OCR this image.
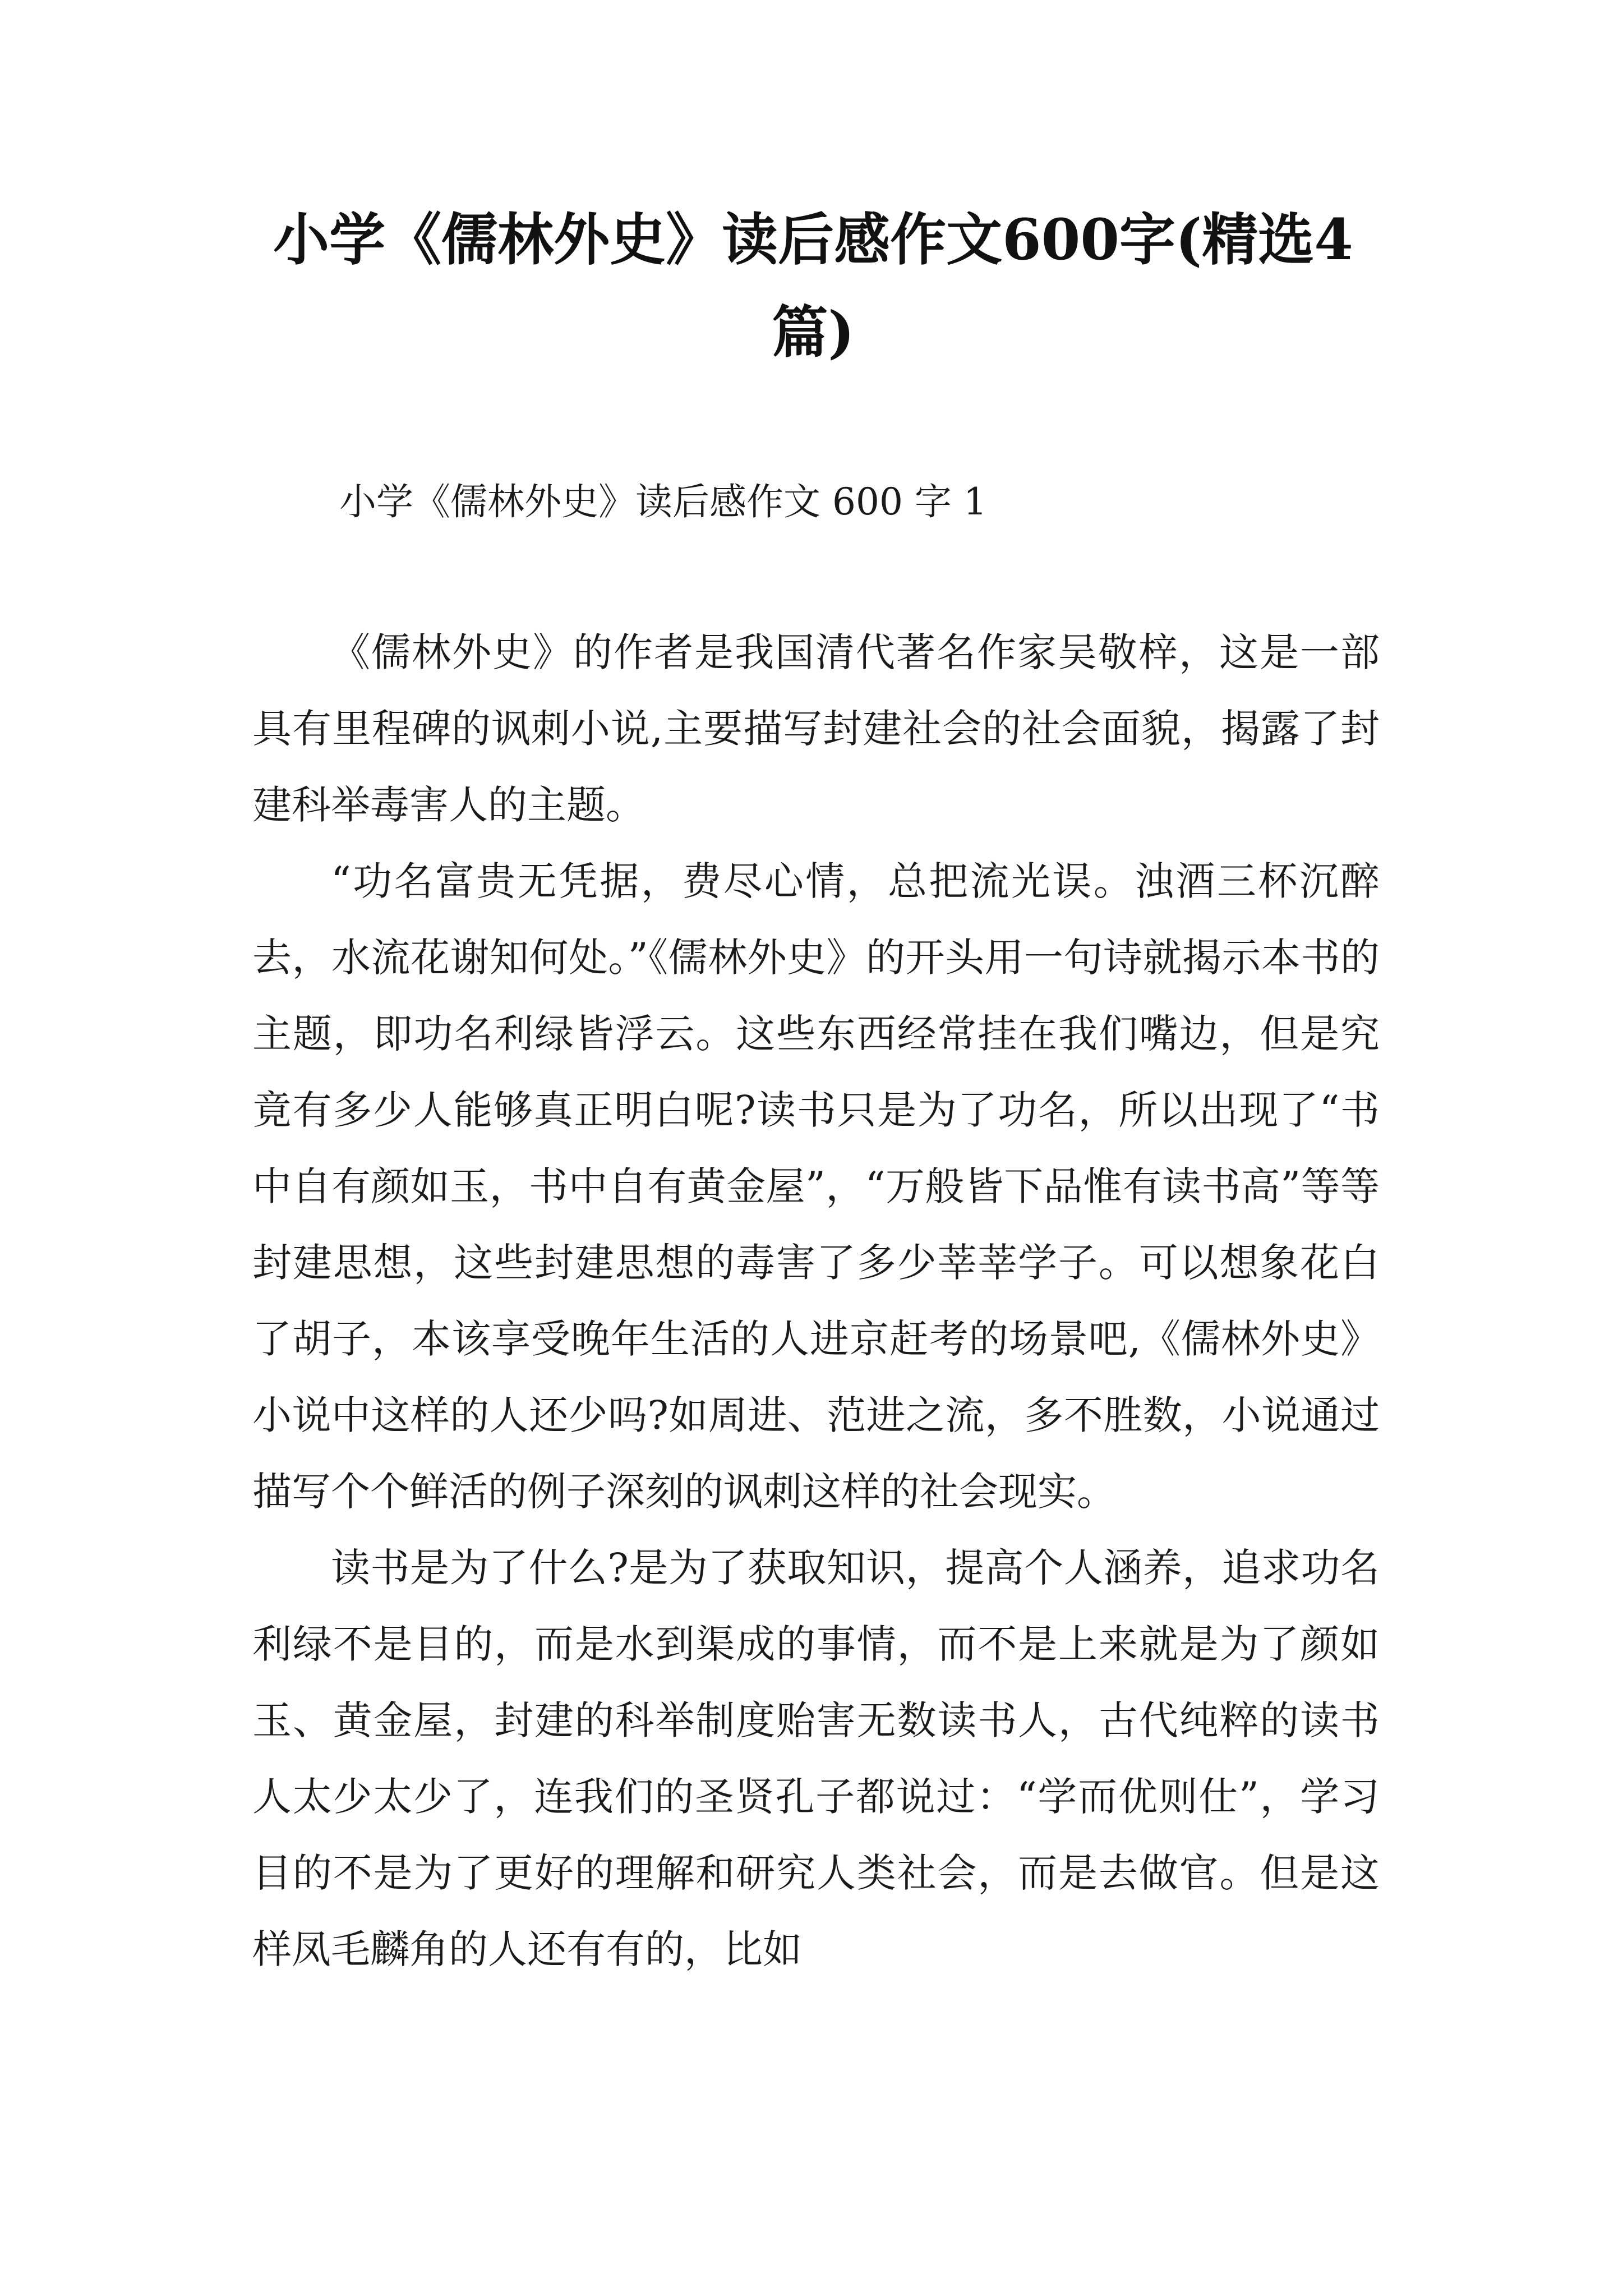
小学《儒林外史》读后感作文600字(精选4篇)
小学《儒林外史》读后感作文 600 字 1

《儒林外史》的作者是我国清代著名作家吴敬梓，这是一部具有里程碑的讽刺小说,主要描写封建社会的社会面貌，揭露了封建科举毒害人的主题。

“功名富贵无凭据，费尽心情，总把流光误。浊酒三杯沉醉去，水流花谢知何处。”《儒林外史》的开头用一句诗就揭示本书的主题，即功名利绿皆浮云。这些东西经常挂在我们嘴边，但是究竟有多少人能够真正明白呢?读书只是为了功名，所以出现了“书中自有颜如玉，书中自有黄金屋”，“万般皆下品惟有读书高”等等封建思想，这些封建思想的毒害了多少莘莘学子。可以想象花白了胡子，本该享受晚年生活的人进京赶考的场景吧,《儒林外史》小说中这样的人还少吗?如周进、范进之流，多不胜数，小说通过描写个个鲜活的例子深刻的讽刺这样的社会现实。

读书是为了什么?是为了获取知识，提高个人涵养，追求功名利绿不是目的，而是水到渠成的事情，而不是上来就是为了颜如玉、黄金屋，封建的科举制度贻害无数读书人，古代纯粹的读书人太少太少了，连我们的圣贤孔子都说过：“学而优则仕”，学习目的不是为了更好的理解和研究人类社会，而是去做官。但是这样凤毛麟角的人还有有的，比如
